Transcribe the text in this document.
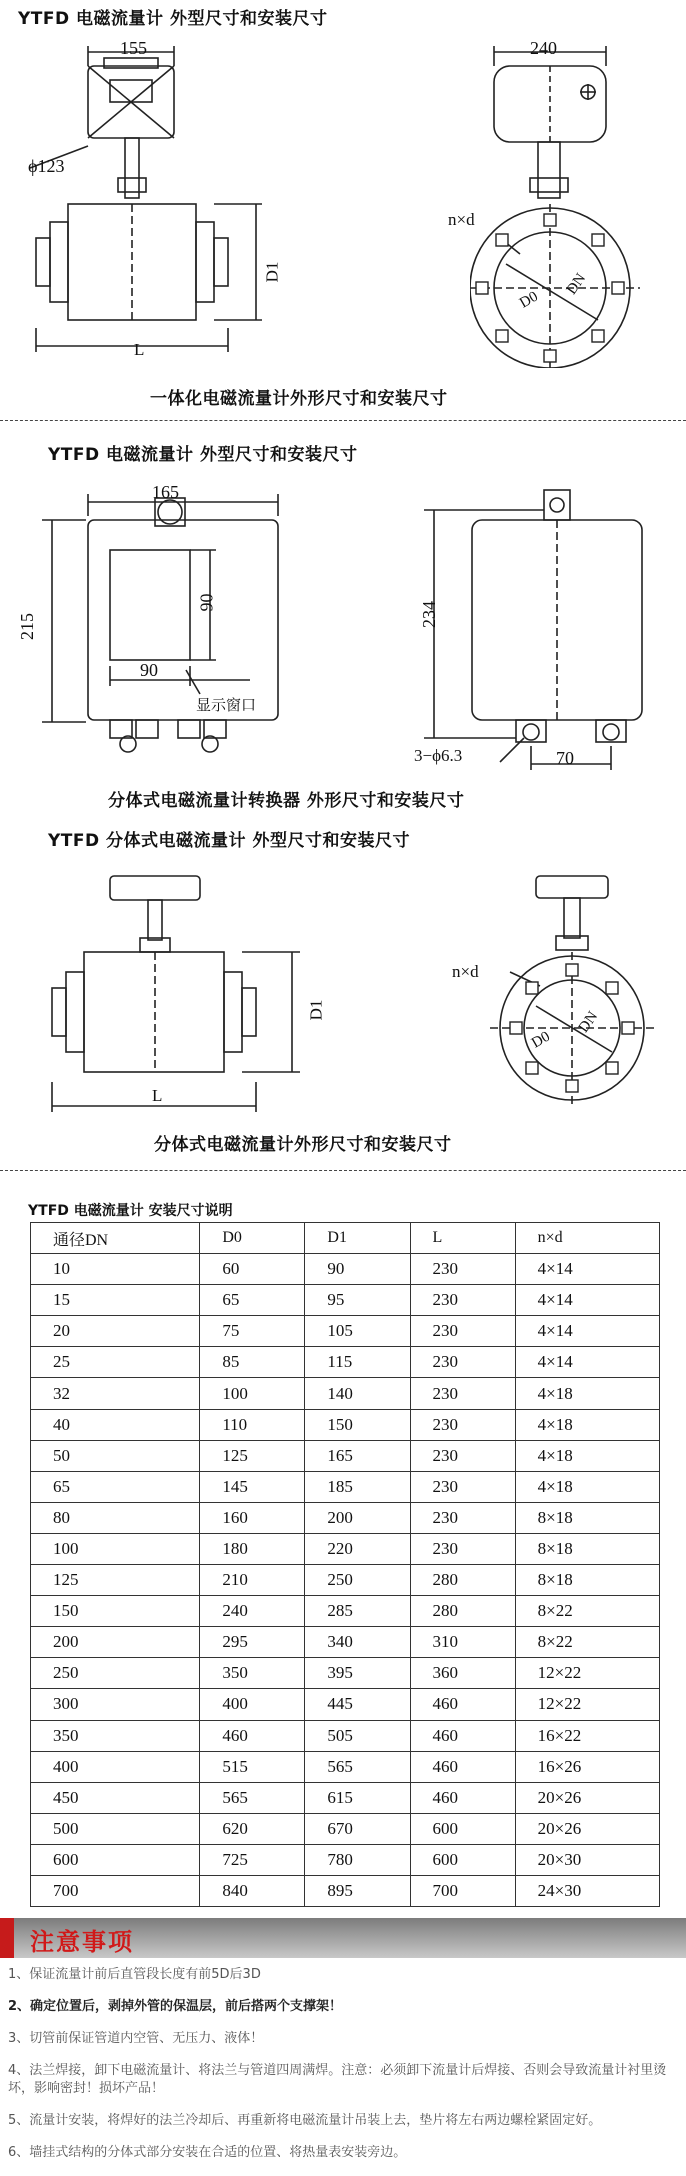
YTFD 电磁流量计 外型尺寸和安装尺寸
155
ϕ123
D1
L
240
n×d
D0
DN
一体化电磁流量计外形尺寸和安装尺寸
YTFD 电磁流量计 外型尺寸和安装尺寸
165
215
90
90
显示窗口
234
3−ϕ6.3	70
分体式电磁流量计转换器 外形尺寸和安装尺寸
YTFD 分体式电磁流量计 外型尺寸和安装尺寸
D1
L
n×d
D0
DN
分体式电磁流量计外形尺寸和安装尺寸
YTFD 电磁流量计 安装尺寸说明
通径DN	D0	D1	L	n×d
10	60	90	230	4×14
15	65	95	230	4×14
20	75	105	230	4×14
25	85	115	230	4×14
32	100	140	230	4×18
40	110	150	230	4×18
50	125	165	230	4×18
65	145	185	230	4×18
80	160	200	230	8×18
100	180	220	230	8×18
125	210	250	280	8×18
150	240	285	280	8×22
200	295	340	310	8×22
250	350	395	360	12×22
300	400	445	460	12×22
350	460	505	460	16×22
400	515	565	460	16×26
450	565	615	460	20×26
500	620	670	600	20×26
600	725	780	600	20×30
700	840	895	700	24×30
注意事项
1、保证流量计前后直管段长度有前5D后3D
2、确定位置后，剥掉外管的保温层，前后搭两个支撑架！
3、切管前保证管道内空管、无压力、液体！
4、法兰焊接，卸下电磁流量计、将法兰与管道四周满焊。注意：必须卸下流量计后焊接、否则会导致流量计衬里烫坏，影响密封！损坏产品！
5、流量计安装，将焊好的法兰冷却后、再重新将电磁流量计吊装上去，垫片将左右两边螺栓紧固定好。
6、墙挂式结构的分体式部分安装在合适的位置、将热量表安装旁边。
